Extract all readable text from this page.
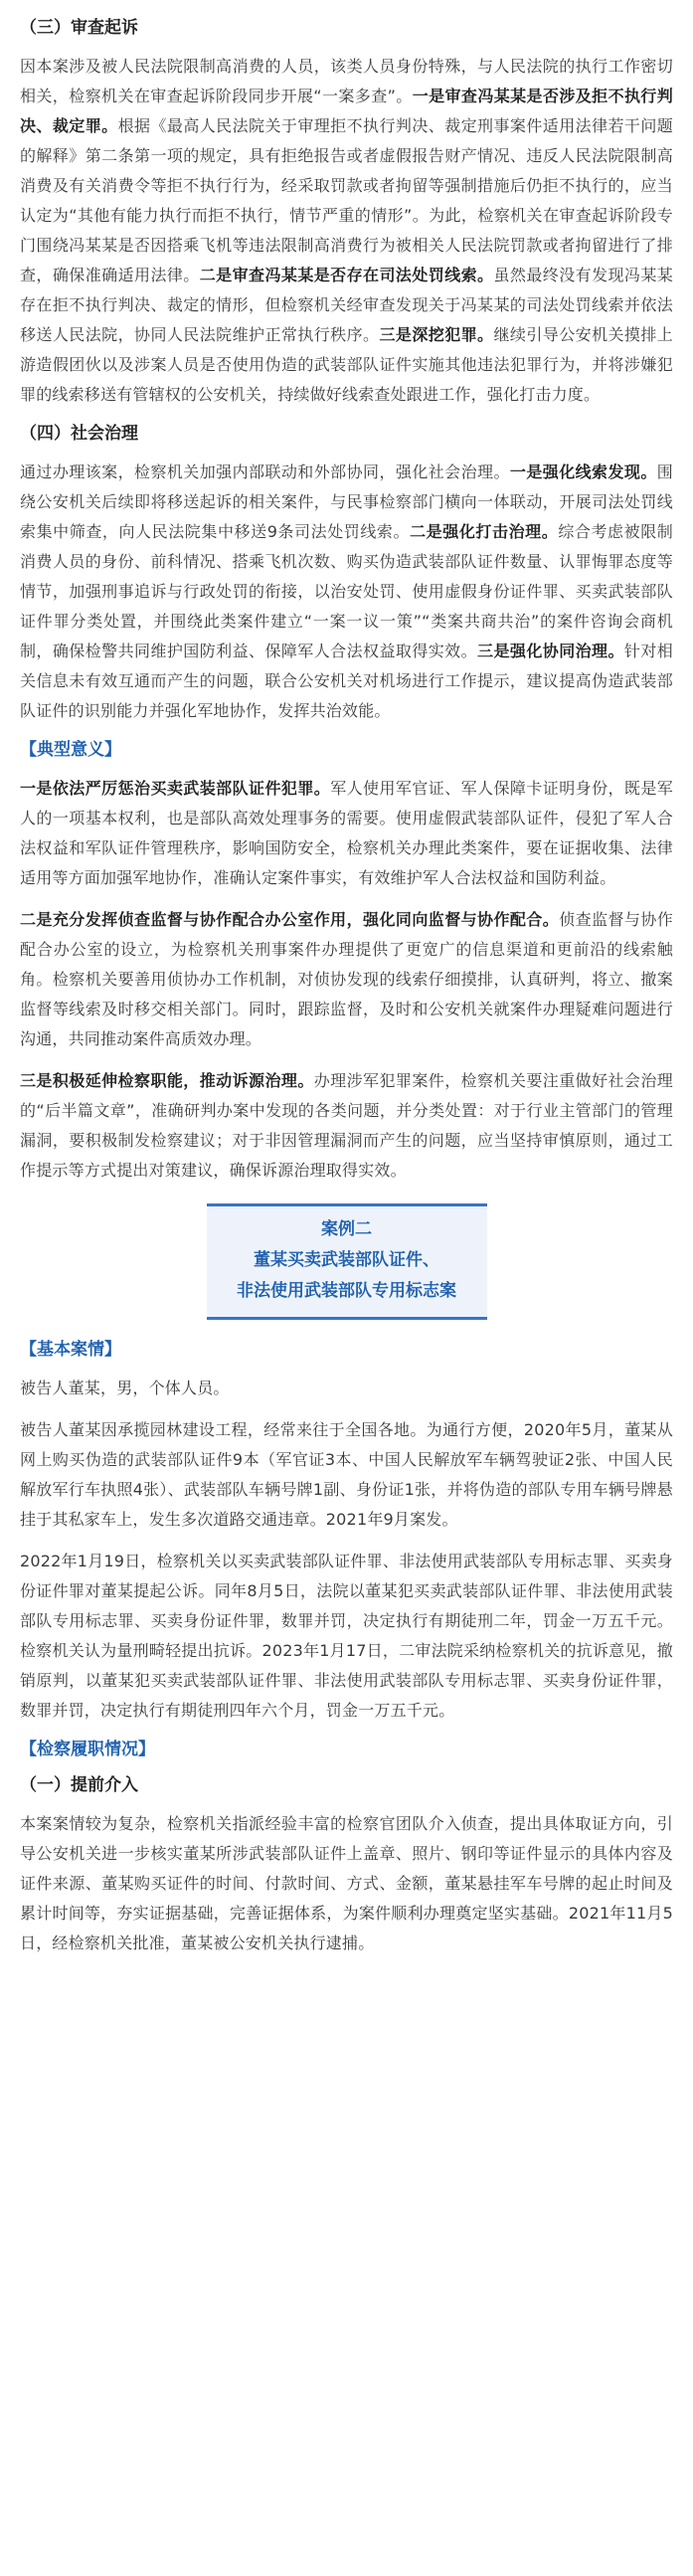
（三）审查起诉

因本案涉及被人民法院限制高消费的人员，该类人员身份特殊，与人民法院的执行工作密切相关，检察机关在审查起诉阶段同步开展“一案多查”。一是审查冯某某是否涉及拒不执行判决、裁定罪。根据《最高人民法院关于审理拒不执行判决、裁定刑事案件适用法律若干问题的解释》第二条第一项的规定，具有拒绝报告或者虚假报告财产情况、违反人民法院限制高消费及有关消费令等拒不执行行为，经采取罚款或者拘留等强制措施后仍拒不执行的，应当认定为“其他有能力执行而拒不执行，情节严重的情形”。为此，检察机关在审查起诉阶段专门围绕冯某某是否因搭乘飞机等违法限制高消费行为被相关人民法院罚款或者拘留进行了排查，确保准确适用法律。二是审查冯某某是否存在司法处罚线索。虽然最终没有发现冯某某存在拒不执行判决、裁定的情形，但检察机关经审查发现关于冯某某的司法处罚线索并依法移送人民法院，协同人民法院维护正常执行秩序。三是深挖犯罪。继续引导公安机关摸排上游造假团伙以及涉案人员是否使用伪造的武装部队证件实施其他违法犯罪行为，并将涉嫌犯罪的线索移送有管辖权的公安机关，持续做好线索查处跟进工作，强化打击力度。

（四）社会治理

通过办理该案，检察机关加强内部联动和外部协同，强化社会治理。一是强化线索发现。围绕公安机关后续即将移送起诉的相关案件，与民事检察部门横向一体联动，开展司法处罚线索集中筛查，向人民法院集中移送9条司法处罚线索。二是强化打击治理。综合考虑被限制消费人员的身份、前科情况、搭乘飞机次数、购买伪造武装部队证件数量、认罪悔罪态度等情节，加强刑事追诉与行政处罚的衔接，以治安处罚、使用虚假身份证件罪、买卖武装部队证件罪分类处置，并围绕此类案件建立“一案一议一策”“类案共商共治”的案件咨询会商机制，确保检警共同维护国防利益、保障军人合法权益取得实效。三是强化协同治理。针对相关信息未有效互通而产生的问题，联合公安机关对机场进行工作提示，建议提高伪造武装部队证件的识别能力并强化军地协作，发挥共治效能。

【典型意义】

一是依法严厉惩治买卖武装部队证件犯罪。军人使用军官证、军人保障卡证明身份，既是军人的一项基本权利，也是部队高效处理事务的需要。使用虚假武装部队证件，侵犯了军人合法权益和军队证件管理秩序，影响国防安全，检察机关办理此类案件，要在证据收集、法律适用等方面加强军地协作，准确认定案件事实，有效维护军人合法权益和国防利益。

二是充分发挥侦查监督与协作配合办公室作用，强化同向监督与协作配合。侦查监督与协作配合办公室的设立，为检察机关刑事案件办理提供了更宽广的信息渠道和更前沿的线索触角。检察机关要善用侦协办工作机制，对侦协发现的线索仔细摸排，认真研判，将立、撤案监督等线索及时移交相关部门。同时，跟踪监督，及时和公安机关就案件办理疑难问题进行沟通，共同推动案件高质效办理。

三是积极延伸检察职能，推动诉源治理。办理涉军犯罪案件，检察机关要注重做好社会治理的“后半篇文章”，准确研判办案中发现的各类问题，并分类处置：对于行业主管部门的管理漏洞，要积极制发检察建议；对于非因管理漏洞而产生的问题，应当坚持审慎原则，通过工作提示等方式提出对策建议，确保诉源治理取得实效。

案例二
董某买卖武装部队证件、
非法使用武装部队专用标志案
【基本案情】

被告人董某，男，个体人员。

被告人董某因承揽园林建设工程，经常来往于全国各地。为通行方便，2020年5月，董某从网上购买伪造的武装部队证件9本（军官证3本、中国人民解放军车辆驾驶证2张、中国人民解放军行车执照4张）、武装部队车辆号牌1副、身份证1张，并将伪造的部队专用车辆号牌悬挂于其私家车上，发生多次道路交通违章。2021年9月案发。

2022年1月19日，检察机关以买卖武装部队证件罪、非法使用武装部队专用标志罪、买卖身份证件罪对董某提起公诉。同年8月5日，法院以董某犯买卖武装部队证件罪、非法使用武装部队专用标志罪、买卖身份证件罪，数罪并罚，决定执行有期徒刑二年，罚金一万五千元。检察机关认为量刑畸轻提出抗诉。2023年1月17日，二审法院采纳检察机关的抗诉意见，撤销原判，以董某犯买卖武装部队证件罪、非法使用武装部队专用标志罪、买卖身份证件罪，数罪并罚，决定执行有期徒刑四年六个月，罚金一万五千元。

【检察履职情况】
（一）提前介入

本案案情较为复杂，检察机关指派经验丰富的检察官团队介入侦查，提出具体取证方向，引导公安机关进一步核实董某所涉武装部队证件上盖章、照片、钢印等证件显示的具体内容及证件来源、董某购买证件的时间、付款时间、方式、金额，董某悬挂军车号牌的起止时间及累计时间等，夯实证据基础，完善证据体系，为案件顺利办理奠定坚实基础。2021年11月5日，经检察机关批准，董某被公安机关执行逮捕。
